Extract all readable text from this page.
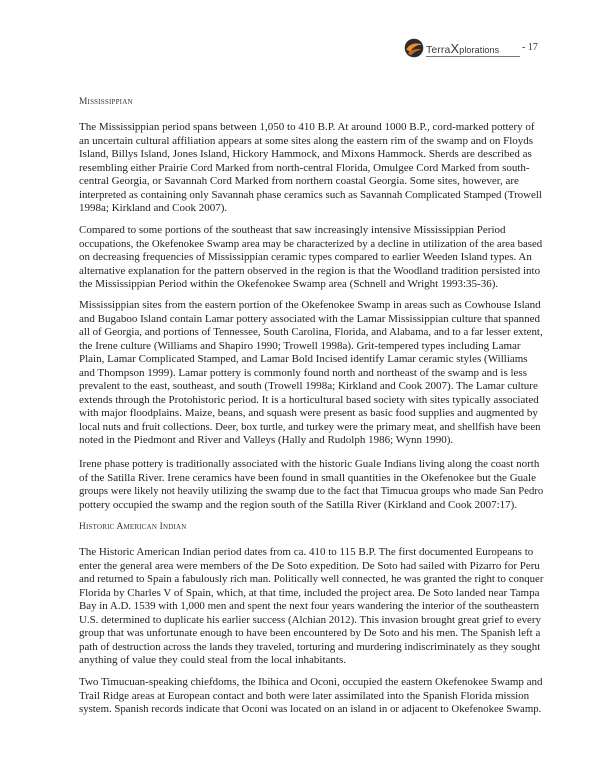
TerraXplorations - 17
Mississippian

The Mississippian period spans between 1,050 to 410 B.P. At around 1000 B.P., cord-marked pottery of
an uncertain cultural affiliation appears at some sites along the eastern rim of the swamp and on Floyds
Island, Billys Island, Jones Island, Hickory Hammock, and Mixons Hammock. Sherds are described as
resembling either Prairie Cord Marked from north-central Florida, Omulgee Cord Marked from south-
central Georgia, or Savannah Cord Marked from northern coastal Georgia. Some sites, however, are
interpreted as containing only Savannah phase ceramics such as Savannah Complicated Stamped (Trowell
1998a; Kirkland and Cook 2007).

Compared to some portions of the southeast that saw increasingly intensive Mississippian Period
occupations, the Okefenokee Swamp area may be characterized by a decline in utilization of the area based
on decreasing frequencies of Mississippian ceramic types compared to earlier Weeden Island types. An
alternative explanation for the pattern observed in the region is that the Woodland tradition persisted into
the Mississippian Period within the Okefenokee Swamp area (Schnell and Wright 1993:35-36).

Mississippian sites from the eastern portion of the Okefenokee Swamp in areas such as Cowhouse Island
and Bugaboo Island contain Lamar pottery associated with the Lamar Mississippian culture that spanned
all of Georgia, and portions of Tennessee, South Carolina, Florida, and Alabama, and to a far lesser extent,
the Irene culture (Williams and Shapiro 1990; Trowell 1998a). Grit-tempered types including Lamar
Plain, Lamar Complicated Stamped, and Lamar Bold Incised identify Lamar ceramic styles (Williams
and Thompson 1999). Lamar pottery is commonly found north and northeast of the swamp and is less
prevalent to the east, southeast, and south (Trowell 1998a; Kirkland and Cook 2007). The Lamar culture
extends through the Protohistoric period. It is a horticultural based society with sites typically associated
with major floodplains. Maize, beans, and squash were present as basic food supplies and augmented by
local nuts and fruit collections. Deer, box turtle, and turkey were the primary meat, and shellfish have been
noted in the Piedmont and River and Valleys (Hally and Rudolph 1986; Wynn 1990).

Irene phase pottery is traditionally associated with the historic Guale Indians living along the coast north
of the Satilla River. Irene ceramics have been found in small quantities in the Okefenokee but the Guale
groups were likely not heavily utilizing the swamp due to the fact that Timucua groups who made San Pedro
pottery occupied the swamp and the region south of the Satilla River (Kirkland and Cook 2007:17).

Historic American Indian

The Historic American Indian period dates from ca. 410 to 115 B.P. The first documented Europeans to
enter the general area were members of the De Soto expedition. De Soto had sailed with Pizarro for Peru
and returned to Spain a fabulously rich man. Politically well connected, he was granted the right to conquer
Florida by Charles V of Spain, which, at that time, included the project area. De Soto landed near Tampa
Bay in A.D. 1539 with 1,000 men and spent the next four years wandering the interior of the southeastern
U.S. determined to duplicate his earlier success (Alchian 2012). This invasion brought great grief to every
group that was unfortunate enough to have been encountered by De Soto and his men. The Spanish left a
path of destruction across the lands they traveled, torturing and murdering indiscriminately as they sought
anything of value they could steal from the local inhabitants.

Two Timucuan-speaking chiefdoms, the Ibihica and Oconi, occupied the eastern Okefenokee Swamp and
Trail Ridge areas at European contact and both were later assimilated into the Spanish Florida mission
system. Spanish records indicate that Oconi was located on an island in or adjacent to Okefenokee Swamp.
